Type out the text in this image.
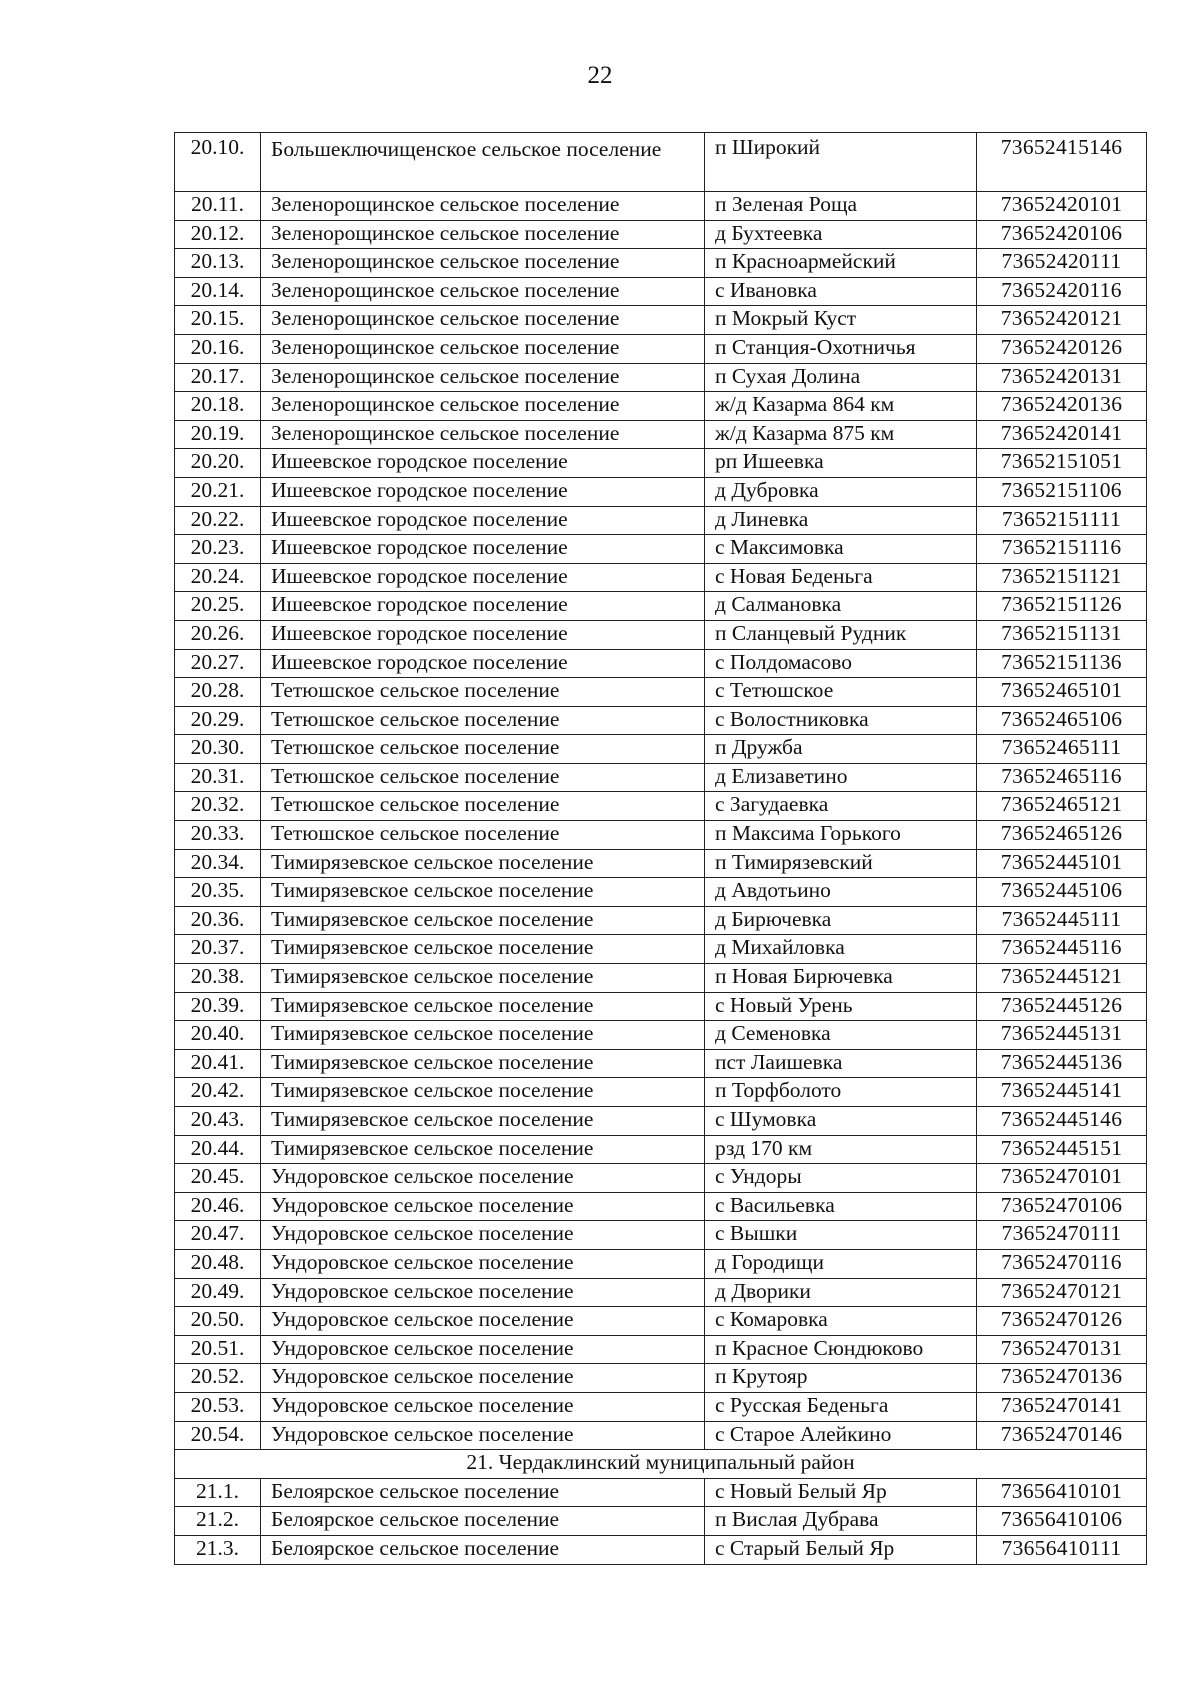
22
20.10.	Большеключищенское сельское поселение	п Широкий	73652415146
20.11.	Зеленорощинское сельское поселение	п Зеленая Роща	73652420101
20.12.	Зеленорощинское сельское поселение	д Бухтеевка	73652420106
20.13.	Зеленорощинское сельское поселение	п Красноармейский	73652420111
20.14.	Зеленорощинское сельское поселение	с Ивановка	73652420116
20.15.	Зеленорощинское сельское поселение	п Мокрый Куст	73652420121
20.16.	Зеленорощинское сельское поселение	п Станция-Охотничья	73652420126
20.17.	Зеленорощинское сельское поселение	п Сухая Долина	73652420131
20.18.	Зеленорощинское сельское поселение	ж/д Казарма 864 км	73652420136
20.19.	Зеленорощинское сельское поселение	ж/д Казарма 875 км	73652420141
20.20.	Ишеевское городское поселение	рп Ишеевка	73652151051
20.21.	Ишеевское городское поселение	д Дубровка	73652151106
20.22.	Ишеевское городское поселение	д Линевка	73652151111
20.23.	Ишеевское городское поселение	с Максимовка	73652151116
20.24.	Ишеевское городское поселение	с Новая Беденьга	73652151121
20.25.	Ишеевское городское поселение	д Салмановка	73652151126
20.26.	Ишеевское городское поселение	п Сланцевый Рудник	73652151131
20.27.	Ишеевское городское поселение	с Полдомасово	73652151136
20.28.	Тетюшское сельское поселение	с Тетюшское	73652465101
20.29.	Тетюшское сельское поселение	с Волостниковка	73652465106
20.30.	Тетюшское сельское поселение	п Дружба	73652465111
20.31.	Тетюшское сельское поселение	д Елизаветино	73652465116
20.32.	Тетюшское сельское поселение	с Загудаевка	73652465121
20.33.	Тетюшское сельское поселение	п Максима Горького	73652465126
20.34.	Тимирязевское сельское поселение	п Тимирязевский	73652445101
20.35.	Тимирязевское сельское поселение	д Авдотьино	73652445106
20.36.	Тимирязевское сельское поселение	д Бирючевка	73652445111
20.37.	Тимирязевское сельское поселение	д Михайловка	73652445116
20.38.	Тимирязевское сельское поселение	п Новая Бирючевка	73652445121
20.39.	Тимирязевское сельское поселение	с Новый Урень	73652445126
20.40.	Тимирязевское сельское поселение	д Семеновка	73652445131
20.41.	Тимирязевское сельское поселение	пст Лаишевка	73652445136
20.42.	Тимирязевское сельское поселение	п Торфболото	73652445141
20.43.	Тимирязевское сельское поселение	с Шумовка	73652445146
20.44.	Тимирязевское сельское поселение	рзд 170 км	73652445151
20.45.	Ундоровское сельское поселение	с Ундоры	73652470101
20.46.	Ундоровское сельское поселение	с Васильевка	73652470106
20.47.	Ундоровское сельское поселение	с Вышки	73652470111
20.48.	Ундоровское сельское поселение	д Городищи	73652470116
20.49.	Ундоровское сельское поселение	д Дворики	73652470121
20.50.	Ундоровское сельское поселение	с Комаровка	73652470126
20.51.	Ундоровское сельское поселение	п Красное Сюндюково	73652470131
20.52.	Ундоровское сельское поселение	п Крутояр	73652470136
20.53.	Ундоровское сельское поселение	с Русская Беденьга	73652470141
20.54.	Ундоровское сельское поселение	с Старое Алейкино	73652470146
21. Чердаклинский муниципальный район			
21.1.	Белоярское сельское поселение	с Новый Белый Яр	73656410101
21.2.	Белоярское сельское поселение	п Вислая Дубрава	73656410106
21.3.	Белоярское сельское поселение	с Старый Белый Яр	73656410111
